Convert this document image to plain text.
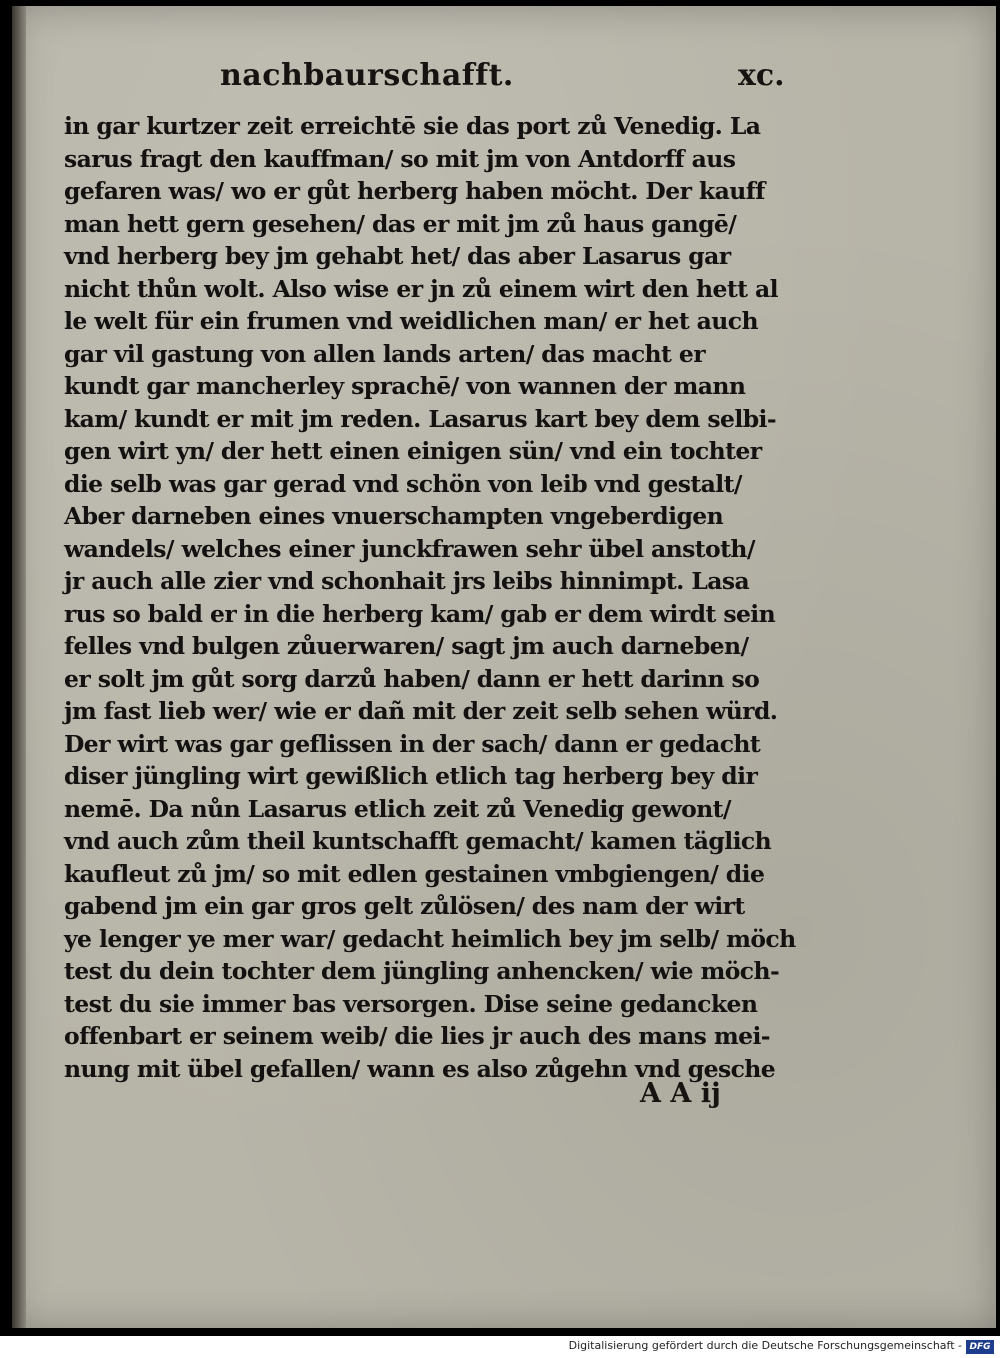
nachbaurschafft.	xc.
in gar kurtzer zeit erreichtē sie das port zů Venedig. La
sarus fragt den kauffman/ so mit jm von Antdorff aus
gefaren was/ wo er gůt herberg haben möcht. Der kauff
man hett gern gesehen/ das er mit jm zů haus gangē/
vnd herberg bey jm gehabt het/ das aber Lasarus gar
nicht thůn wolt. Also wise er jn zů einem wirt den hett al
le welt für ein frumen vnd weidlichen man/ er het auch
gar vil gastung von allen lands arten/ das macht er
kundt gar mancherley sprachē/ von wannen der mann
kam/ kundt er mit jm reden. Lasarus kart bey dem selbi-
gen wirt yn/ der hett einen einigen sün/ vnd ein tochter
die selb was gar gerad vnd schön von leib vnd gestalt/
Aber darneben eines vnuerschampten vngeberdigen
wandels/ welches einer junckfrawen sehr übel anstoth/
jr auch alle zier vnd schonhait jrs leibs hinnimpt. Lasa
rus so bald er in die herberg kam/ gab er dem wirdt sein
felles vnd bulgen zůuerwaren/ sagt jm auch darneben/
er solt jm gůt sorg darzů haben/ dann er hett darinn so
jm fast lieb wer/ wie er dañ mit der zeit selb sehen würd.
Der wirt was gar geflissen in der sach/ dann er gedacht
diser jüngling wirt gewißlich etlich tag herberg bey dir
nemē. Da nůn Lasarus etlich zeit zů Venedig gewont/
vnd auch zům theil kuntschafft gemacht/ kamen täglich
kaufleut zů jm/ so mit edlen gestainen vmbgiengen/ die
gabend jm ein gar gros gelt zůlösen/ des nam der wirt
ye lenger ye mer war/ gedacht heimlich bey jm selb/ möch
test du dein tochter dem jüngling anhencken/ wie möch-
test du sie immer bas versorgen. Dise seine gedancken
offenbart er seinem weib/ die lies jr auch des mans mei-
nung mit übel gefallen/ wann es also zůgehn vnd gesche
A A ij
Digitalisierung gefördert durch die Deutsche Forschungsgemeinschaft - DFG
